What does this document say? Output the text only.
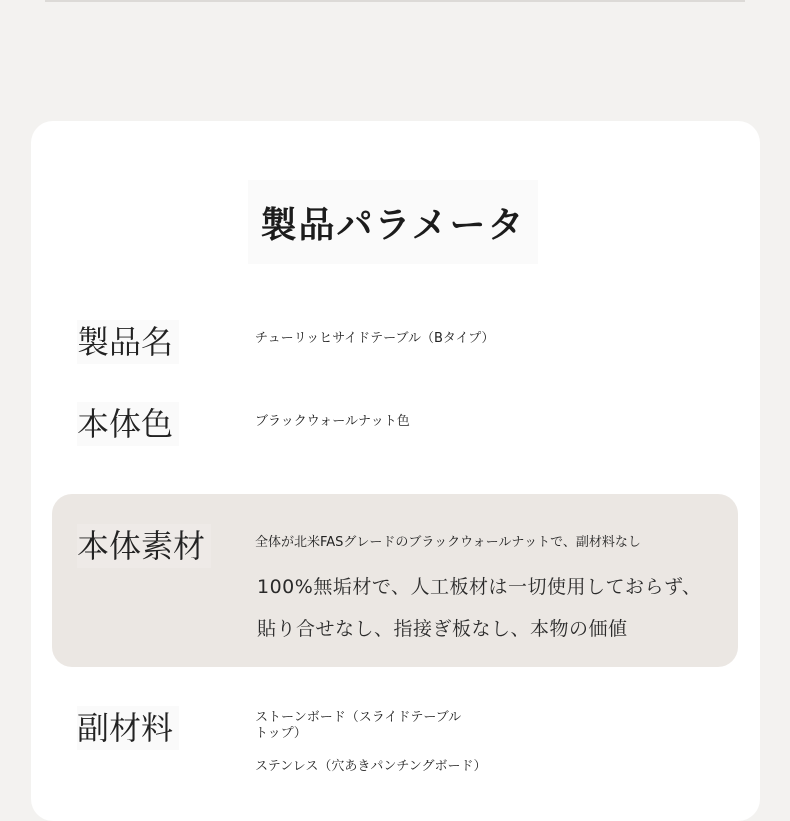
製品パラメータ
製品名	チューリッヒサイドテーブル（Bタイプ）
本体色	ブラックウォールナット色
本体素材	全体が北米FASグレードのブラックウォールナットで、副材料なし
100%無垢材で、人工板材は一切使用しておらず、
貼り合せなし、指接ぎ板なし、本物の価値
副材料	ストーンボード（スライドテーブル
トップ）
ステンレス（穴あきパンチングボード）
